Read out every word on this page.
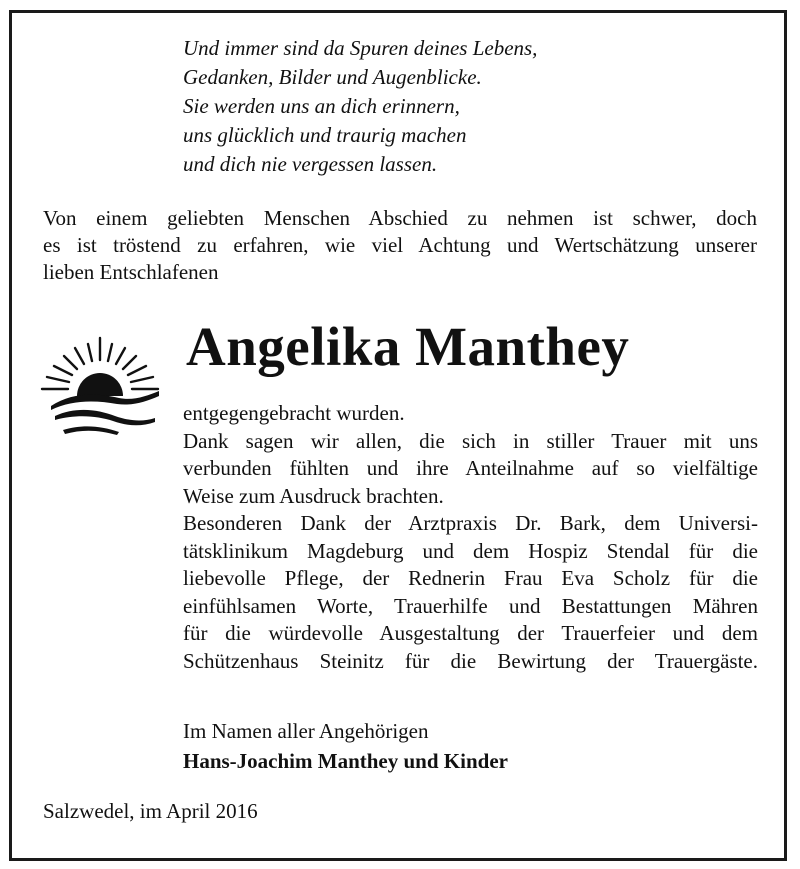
Und immer sind da Spuren deines Lebens,
Gedanken, Bilder und Augenblicke.
Sie werden uns an dich erinnern,
uns glücklich und traurig machen
und dich nie vergessen lassen.
Von einem geliebten Menschen Abschied zu nehmen ist schwer, doch
es ist tröstend zu erfahren, wie viel Achtung und Wertschätzung unserer
lieben Entschlafenen
Angelika Manthey
entgegengebracht wurden.
Dank sagen wir allen, die sich in stiller Trauer mit uns
verbunden fühlten und ihre Anteilnahme auf so vielfältige
Weise zum Ausdruck brachten.
Besonderen Dank der Arztpraxis Dr. Bark, dem Universi-
tätsklinikum Magdeburg und dem Hospiz Stendal für die
liebevolle Pflege, der Rednerin Frau Eva Scholz für die
einfühlsamen Worte, Trauerhilfe und Bestattungen Mähren
für die würdevolle Ausgestaltung der Trauerfeier und dem
Schützenhaus Steinitz für die Bewirtung der Trauergäste.
Im Namen aller Angehörigen
Hans-Joachim Manthey und Kinder
Salzwedel, im April 2016
